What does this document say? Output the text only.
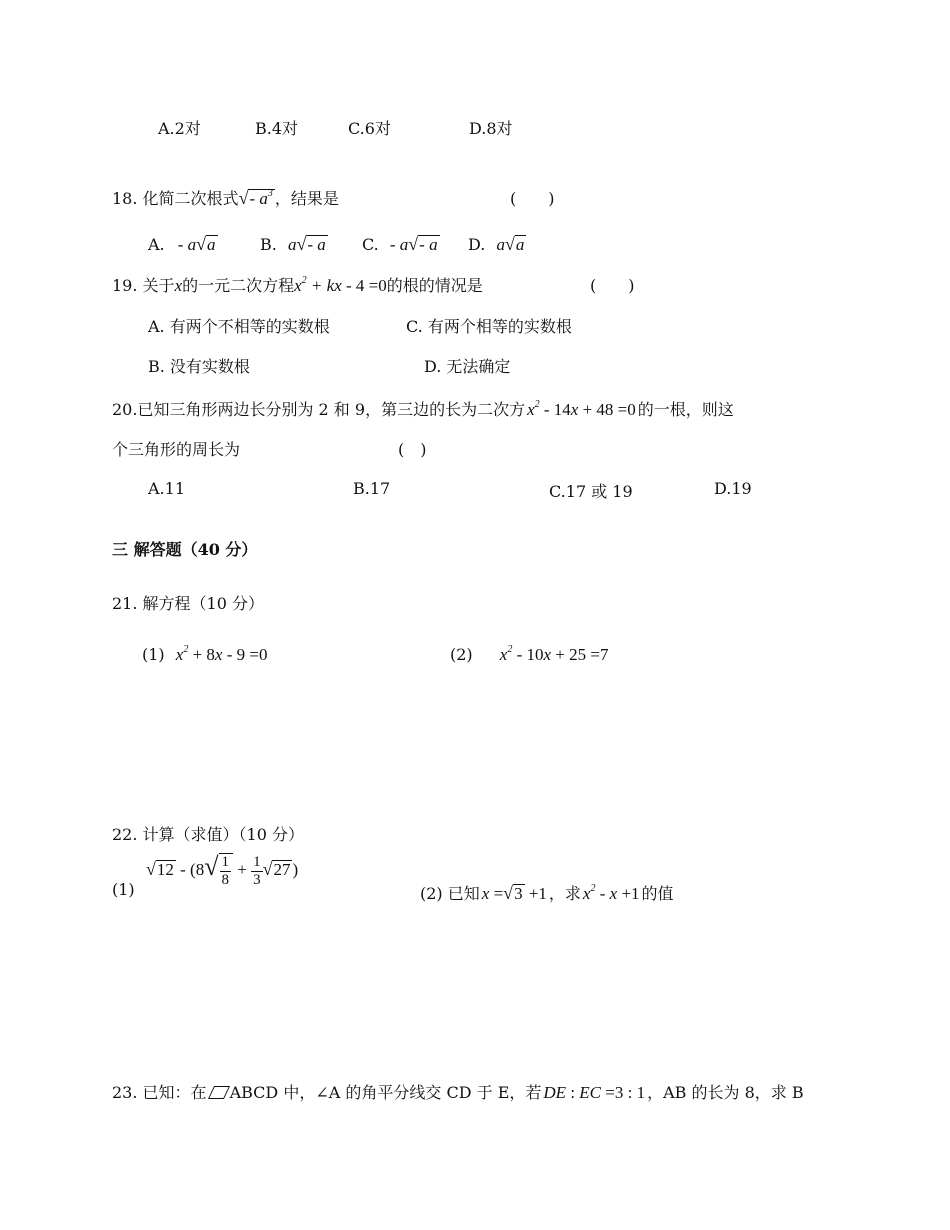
A.2对	B.4对	C.6对	D.8对
18. 化简二次根式√- $a^3$ ，结果是	(　　)
A. - a√a	B. a√- a C. - a√- a D. a√a
19. 关于x的一元二次方程$x^2$ + kx - 4 =0的根的情况是	(　　)
A. 有两个不相等的实数根	C. 有两个相等的实数根
B. 没有实数根	D. 无法确定
20.已知三角形两边长分别为 2 和 9，第三边的长为二次方 $x^2 - 14x + 48 =0$ 的一根，则这
个三角形的周长为	(　)
A.11	B.17	C.17 或 19	D.19
三 解答题（40 分）
21. 解方程（10 分）
(1) $x^2 + 8x - 9 =0$	(2) $x^2 - 10x + 25 =7$
22. 计算（求值）（10 分）
(1)
$√12 - (8√ \frac{1}{8} + \frac{1}{3} √27$ )
(2) 已知 x =√3 +1 ，求 $x^2 - x +1$ 的值
23. 已知：在 ABCD 中，∠A 的角平分线交 CD 于 E，若 DE : EC =3 : 1 ，AB 的长为 8，求 B
